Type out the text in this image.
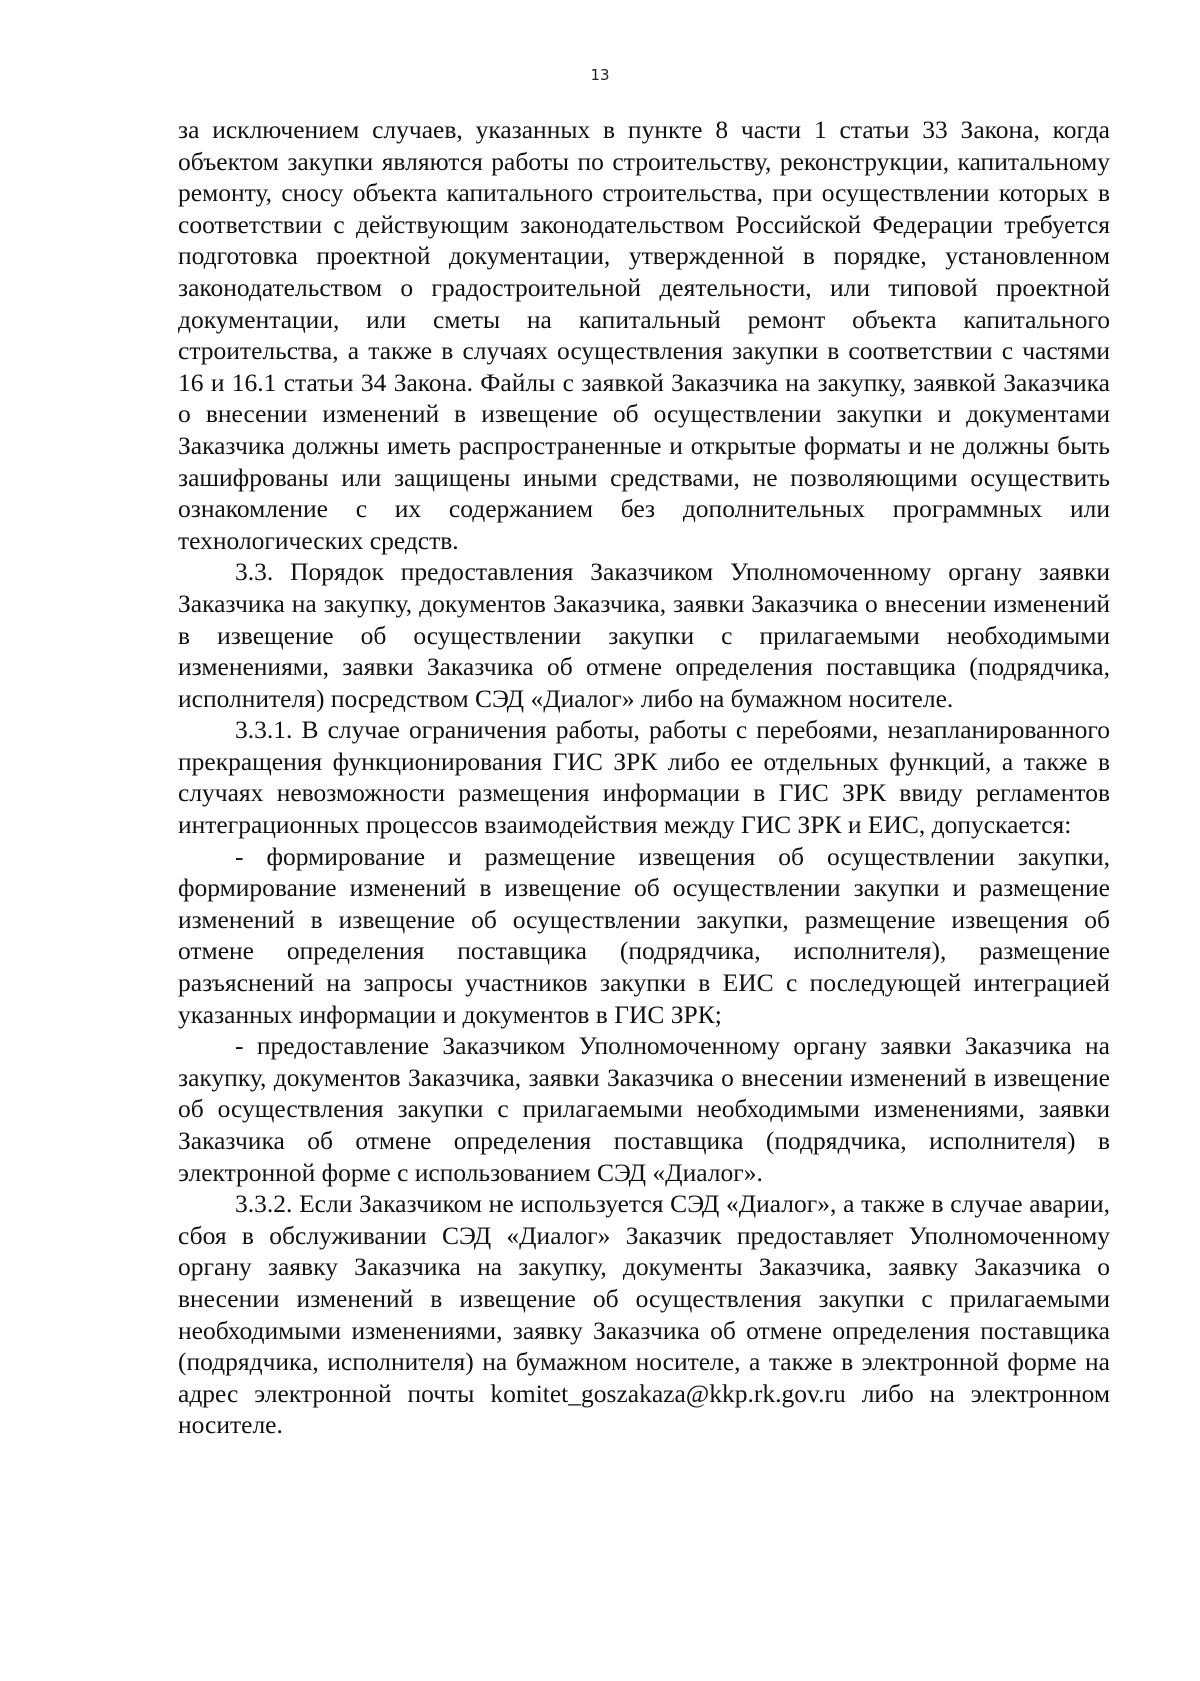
13

за исключением случаев, указанных в пункте 8 части 1 статьи 33 Закона, когда объектом закупки являются работы по строительству, реконструкции, капитальному ремонту, сносу объекта капитального строительства, при осуществлении которых в соответствии с действующим законодательством Российской Федерации требуется подготовка проектной документации, утвержденной в порядке, установленном законодательством о градостроительной деятельности, или типовой проектной документации, или сметы на капитальный ремонт объекта капитального строительства, а также в случаях осуществления закупки в соответствии с частями 16 и 16.1 статьи 34 Закона. Файлы с заявкой Заказчика на закупку, заявкой Заказчика о внесении изменений в извещение об осуществлении закупки и документами Заказчика должны иметь распространенные и открытые форматы и не должны быть зашифрованы или защищены иными средствами, не позволяющими осуществить ознакомление с их содержанием без дополнительных программных или технологических средств.

3.3. Порядок предоставления Заказчиком Уполномоченному органу заявки Заказчика на закупку, документов Заказчика, заявки Заказчика о внесении изменений в извещение об осуществлении закупки с прилагаемыми необходимыми изменениями, заявки Заказчика об отмене определения поставщика (подрядчика, исполнителя) посредством СЭД «Диалог» либо на бумажном носителе.

3.3.1. В случае ограничения работы, работы с перебоями, незапланированного прекращения функционирования ГИС ЗРК либо ее отдельных функций, а также в случаях невозможности размещения информации в ГИС ЗРК ввиду регламентов интеграционных процессов взаимодействия между ГИС ЗРК и ЕИС, допускается:

- формирование и размещение извещения об осуществлении закупки, формирование изменений в извещение об осуществлении закупки и размещение изменений в извещение об осуществлении закупки, размещение извещения об отмене определения поставщика (подрядчика, исполнителя), размещение разъяснений на запросы участников закупки в ЕИС с последующей интеграцией указанных информации и документов в ГИС ЗРК;

- предоставление Заказчиком Уполномоченному органу заявки Заказчика на закупку, документов Заказчика, заявки Заказчика о внесении изменений в извещение об осуществления закупки с прилагаемыми необходимыми изменениями, заявки Заказчика об отмене определения поставщика (подрядчика, исполнителя) в электронной форме с использованием СЭД «Диалог».

3.3.2. Если Заказчиком не используется СЭД «Диалог», а также в случае аварии, сбоя в обслуживании СЭД «Диалог» Заказчик предоставляет Уполномоченному органу заявку Заказчика на закупку, документы Заказчика, заявку Заказчика о внесении изменений в извещение об осуществления закупки с прилагаемыми необходимыми изменениями, заявку Заказчика об отмене определения поставщика (подрядчика, исполнителя) на бумажном носителе, а также в электронной форме на адрес электронной почты komitet_goszakaza@kkp.rk.gov.ru либо на электронном носителе.
